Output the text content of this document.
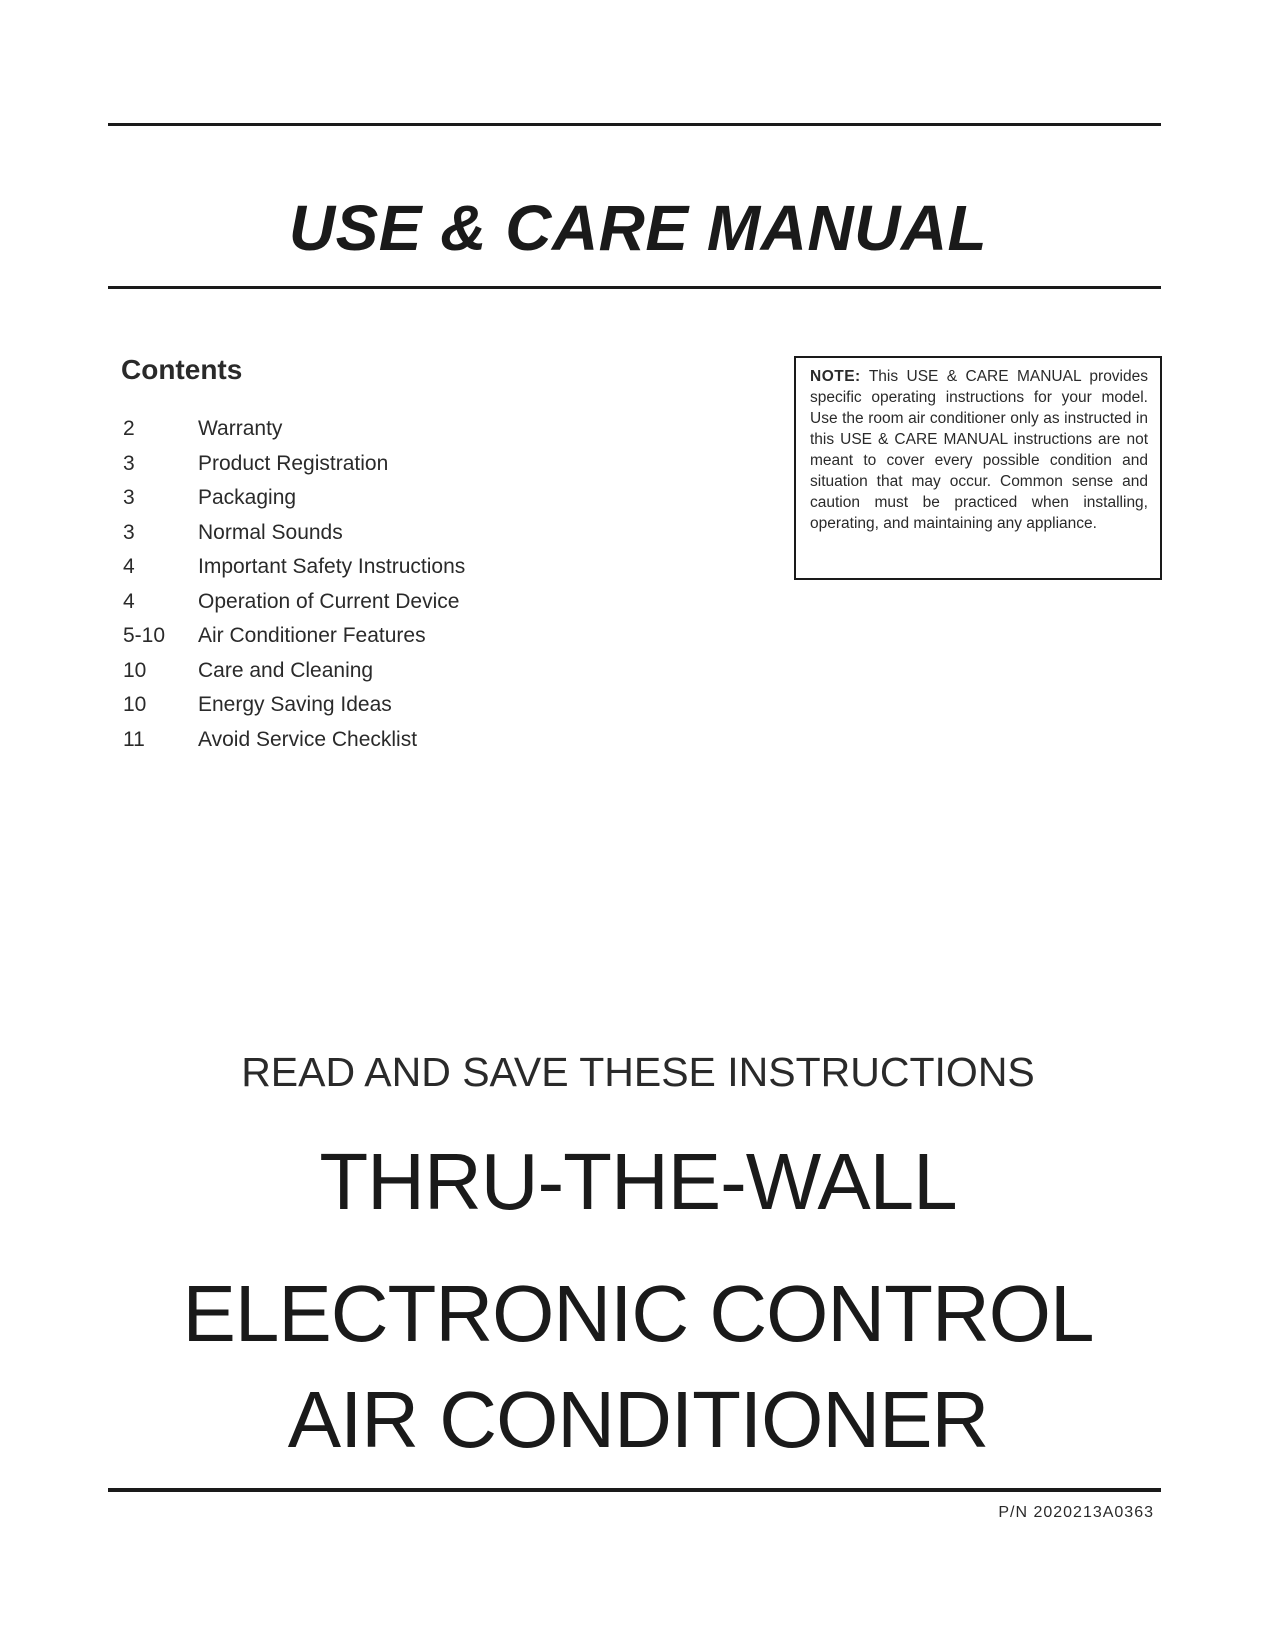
USE & CARE MANUAL
Contents
2	Warranty
3	Product Registration
3	Packaging
3	Normal Sounds
4	Important Safety Instructions
4	Operation of Current Device
5-10	Air Conditioner Features
10	Care and Cleaning
10	Energy Saving Ideas
11	Avoid Service Checklist
NOTE: This USE & CARE MANUAL provides specific operating instructions for your model. Use the room air conditioner only as instructed in this USE & CARE MANUAL instructions are not meant to cover every possible condition and situation that may occur. Common sense and caution must be practiced when installing, operating, and maintaining any appliance.

READ AND SAVE THESE INSTRUCTIONS

THRU-THE-WALL

ELECTRONIC CONTROL

AIR CONDITIONER

P/N 2020213A0363
